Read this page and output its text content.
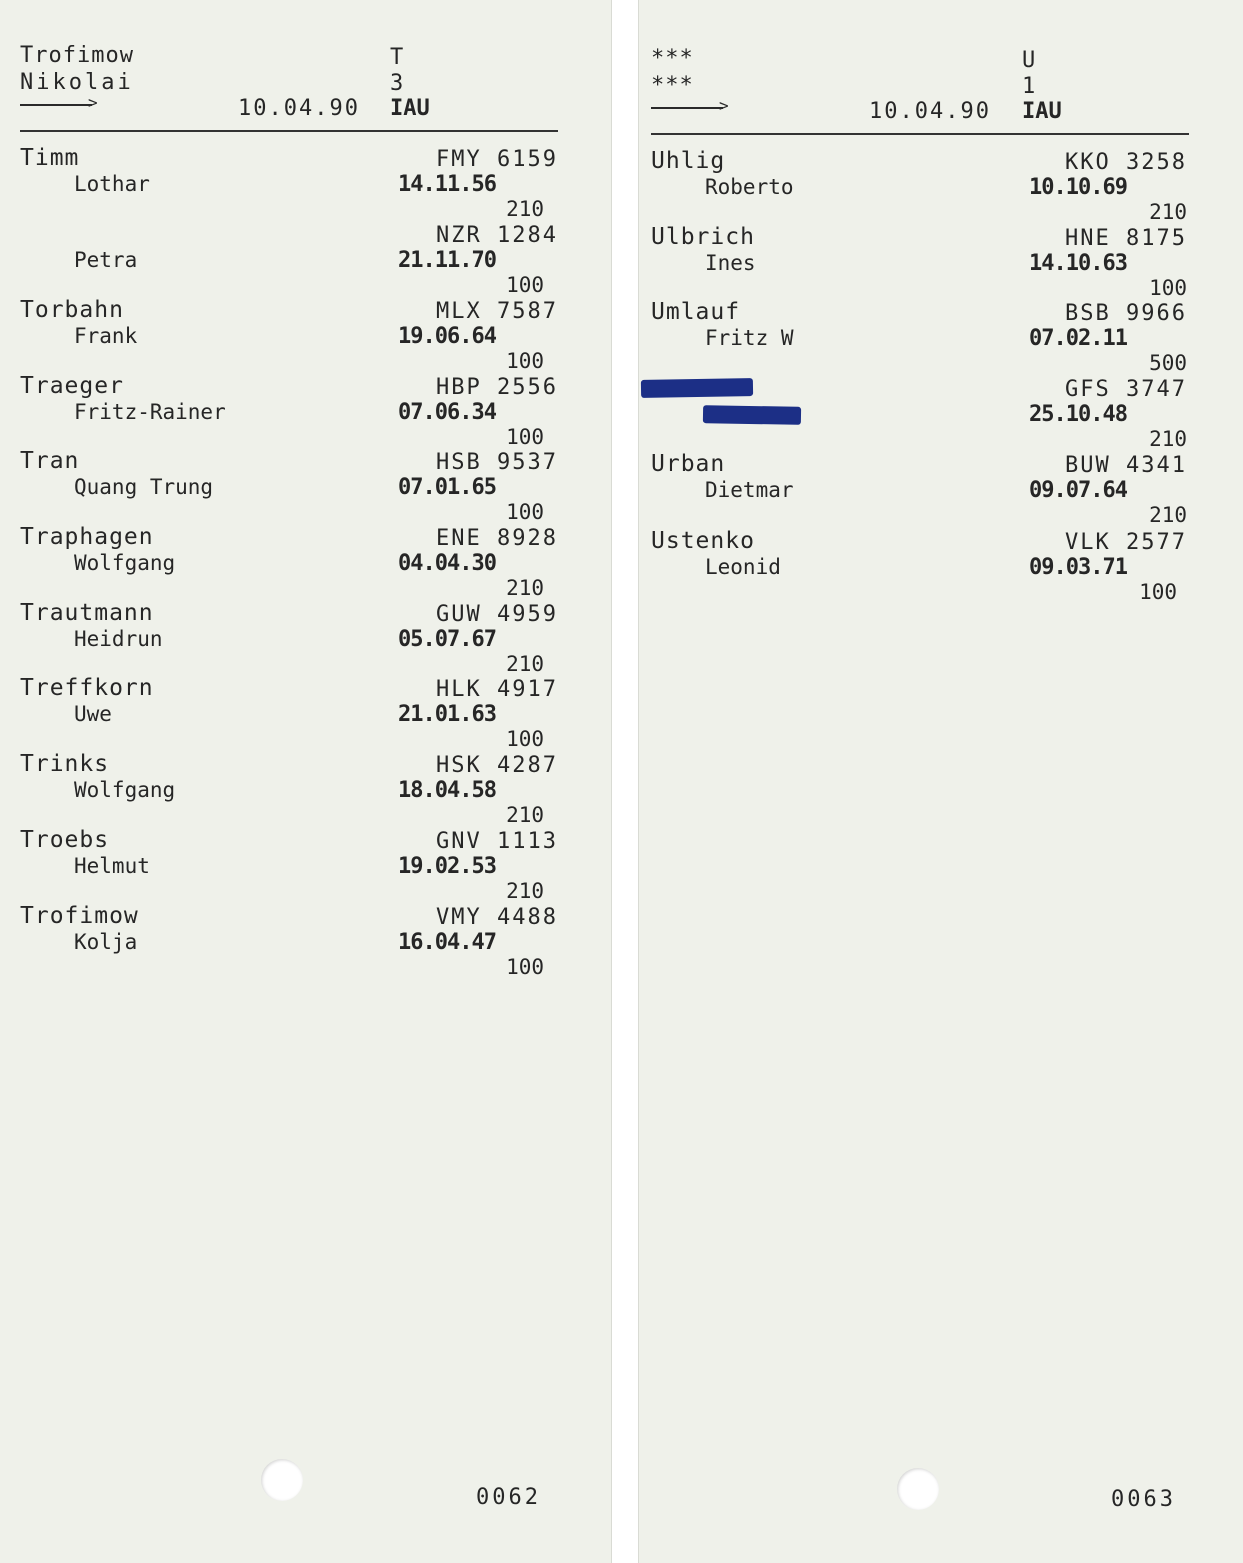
Trofimow
Nikolai
>	10.04.90
T
3
IAU
Timm
Lothar
FMY 6159
14.11.56
210
Petra
NZR 1284
21.11.70
100
Torbahn
Frank
MLX 7587
19.06.64
100
Traeger
Fritz-Rainer
HBP 2556
07.06.34
100
Tran
Quang Trung
HSB 9537
07.01.65
100
Traphagen
Wolfgang
ENE 8928
04.04.30
210
Trautmann
Heidrun
GUW 4959
05.07.67
210
Treffkorn
Uwe
HLK 4917
21.01.63
100
Trinks
Wolfgang
HSK 4287
18.04.58
210
Troebs
Helmut
GNV 1113
19.02.53
210
Trofimow
Kolja
VMY 4488
16.04.47
100
0062
***
***
>	10.04.90
U
1
IAU
Uhlig
Roberto
KKO 3258
10.10.69
210
Ulbrich
Ines
HNE 8175
14.10.63
100
Umlauf
Fritz W
BSB 9966
07.02.11
500
GFS 3747
25.10.48
210
Urban
Dietmar
BUW 4341
09.07.64
210
Ustenko
Leonid
VLK 2577
09.03.71
100
0063
